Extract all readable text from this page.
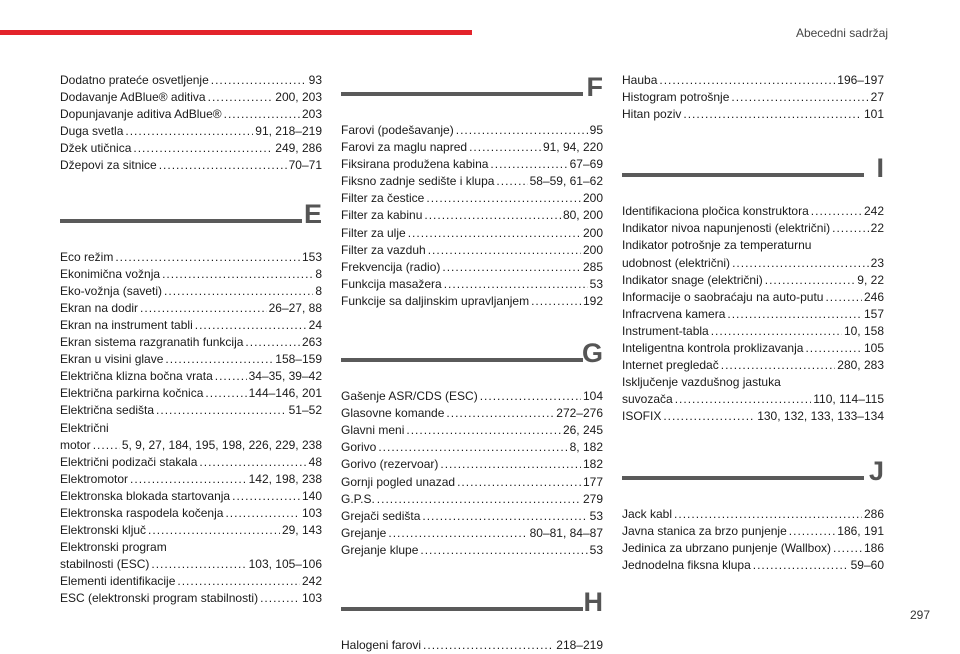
Abecedni sadržaj
Dodatno prateće osvetljenje .....	93
Dodavanje AdBlue® aditiva .....	200, 203
Dopunjavanje aditiva AdBlue® .....	203
Duga svetla .....	91, 218–219
Džek utičnica .....	249, 286
Džepovi za sitnice .....	70–71
E
Eco režim .....	153
Ekonimična vožnja .....	8
Eko-vožnja (saveti) .....	8
Ekran na dodir .....	26–27, 88
Ekran na instrument tabli .....	24
Ekran sistema razgranatih funkcija .....	263
Ekran u visini glave .....	158–159
Električna klizna bočna vrata .....	34–35, 39–42
Električna parkirna kočnica .....	144–146, 201
Električna sedišta .....	51–52
Električni
motor .....	5, 9, 27, 184, 195, 198, 226, 229, 238
Električni podizači stakala .....	48
Elektromotor .....	142, 198, 238
Elektronska blokada startovanja .....	140
Elektronska raspodela kočenja .....	103
Elektronski ključ .....	29, 143
Elektronski program
stabilnosti (ESC) .....	103, 105–106
Elementi identifikacije .....	242
ESC (elektronski program stabilnosti) .....	103
F
Farovi (podešavanje) .....	95
Farovi za maglu napred .....	91, 94, 220
Fiksirana produžena kabina .....	67–69
Fiksno zadnje sedište i klupa .....	58–59, 61–62
Filter za čestice .....	200
Filter za kabinu .....	80, 200
Filter za ulje .....	200
Filter za vazduh .....	200
Frekvencija (radio) .....	285
Funkcija masažera .....	53
Funkcije sa daljinskim upravljanjem .....	192
G
Gašenje ASR/CDS (ESC) .....	104
Glasovne komande .....	272–276
Glavni meni .....	26, 245
Gorivo .....	8, 182
Gorivo (rezervoar) .....	182
Gornji pogled unazad .....	177
G.P.S. .....	279
Grejači sedišta .....	53
Grejanje .....	80–81, 84–87
Grejanje klupe .....	53
H
Halogeni farovi .....	218–219
Hauba .....	196–197
Histogram potrošnje .....	27
Hitan poziv .....	101
I
Identifikaciona pločica konstruktora .....	242
Indikator nivoa napunjenosti (električni) .....	22
Indikator potrošnje za temperaturnu
udobnost (električni) .....	23
Indikator snage (električni) .....	9, 22
Informacije o saobraćaju na auto-putu .....	246
Infracrvena kamera .....	157
Instrument-tabla .....	10, 158
Inteligentna kontrola proklizavanja .....	105
Internet pregledač .....	280, 283
Isključenje vazdušnog jastuka
suvozača .....	110, 114–115
ISOFIX .....	130, 132, 133, 133–134
J
Jack kabl .....	286
Javna stanica za brzo punjenje .....	186, 191
Jedinica za ubrzano punjenje (Wallbox) .....	186
Jednodelna fiksna klupa .....	59–60
297
